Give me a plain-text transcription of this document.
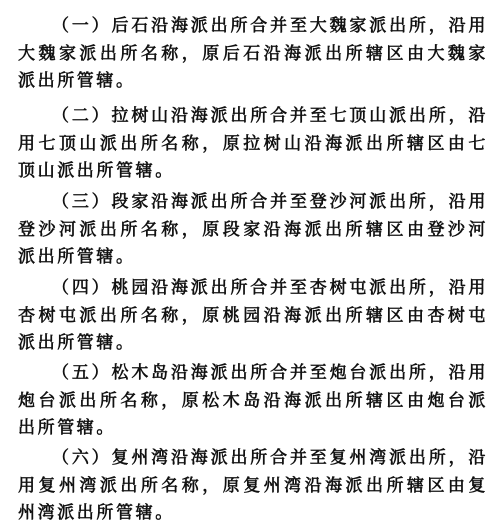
（一）后石沿海派出所合并至大魏家派出所，沿用大魏家派出所名称，原后石沿海派出所辖区由大魏家派出所管辖。

（二）拉树山沿海派出所合并至七顶山派出所，沿用七顶山派出所名称，原拉树山沿海派出所辖区由七顶山派出所管辖。

（三）段家沿海派出所合并至登沙河派出所，沿用登沙河派出所名称，原段家沿海派出所辖区由登沙河派出所管辖。

（四）桃园沿海派出所合并至杏树屯派出所，沿用杏树屯派出所名称，原桃园沿海派出所辖区由杏树屯派出所管辖。

（五）松木岛沿海派出所合并至炮台派出所，沿用炮台派出所名称，原松木岛沿海派出所辖区由炮台派出所管辖。

（六）复州湾沿海派出所合并至复州湾派出所，沿用复州湾派出所名称，原复州湾沿海派出所辖区由复州湾派出所管辖。
